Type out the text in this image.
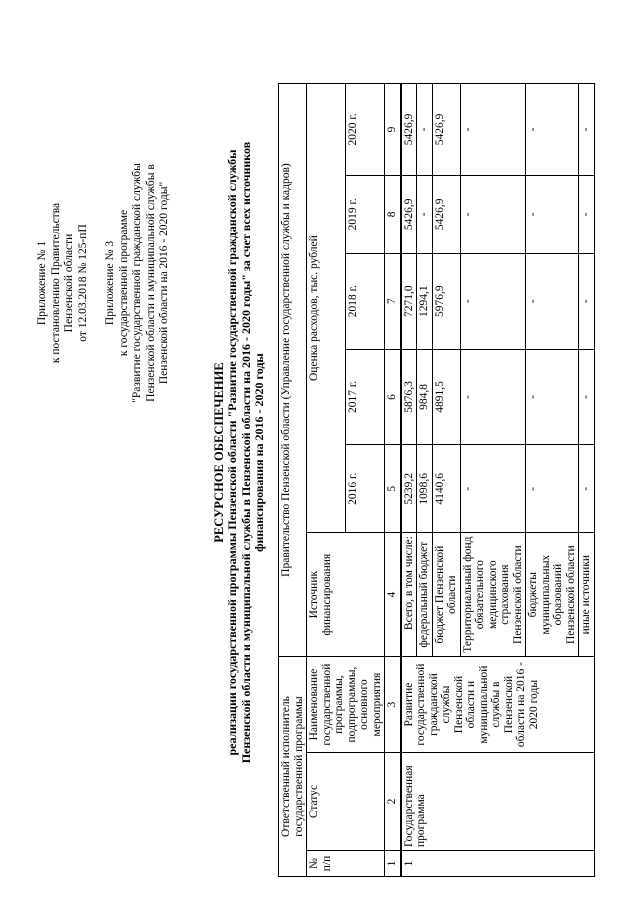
Приложение № 1 к постановлению Правительства Пензенской области от 12.03.2018 № 125-пП Приложение № 3 к государственной программе "Развитие государственной гражданской службы Пензенской области и муниципальной службы в Пензенской области на 2016 - 2020 годы"
РЕСУРСНОЕ ОБЕСПЕЧЕНИЕ реализации государственной программы Пензенской области "Развитие государственной гражданской службы Пензенской области и муниципальной службы в Пензенской области на 2016 - 2020 годы" за счет всех источников финансирования на 2016 - 2020 годы
Ответственный исполнитель государственной программы			Правительство Пензенской области (Управление государственной службы и кадров)					
№ п/п	Статус	Наименование государственной программы, подпрограммы, основного мероприятия	Источник финансирования	Оценка расходов, тыс. рублей				
				2016 г.	2017 г.	2018 г.	2019 г.	2020 г.
1	2	3	4	5	6	7	8	9
1	Государственная программа	Развитие государственной гражданской службы Пензенской области и муниципальной службы в Пензенской области на 2016 - 2020 годы	Всего, в том числе:	5239,2	5876,3	7271,0	5426,9	5426,9
			федеральный бюджет	1098,6	984,8	1294,1	-	-
			бюджет Пензенской области	4140,6	4891,5	5976,9	5426,9	5426,9
			Территориальный фонд обязательного медицинского страхования Пензенской области	-	-	-	-	-
			бюджеты муниципальных образований Пензенской области	-	-	-	-	-
			иные источники	-	-	-	-	-
